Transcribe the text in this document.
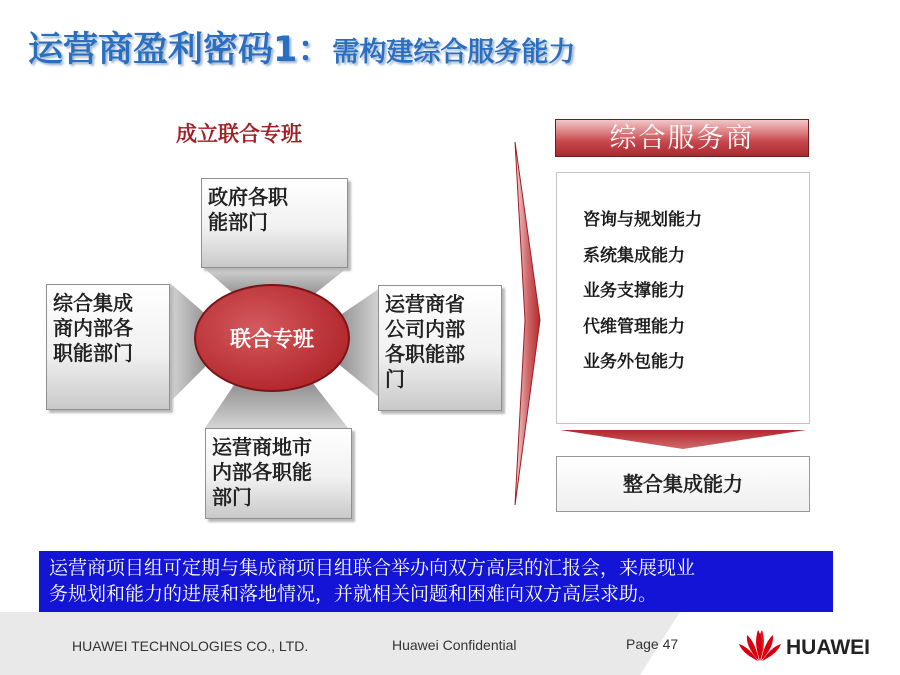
运营商盈利密码1：需构建综合服务能力
成立联合专班
政府各职
能部门
综合集成
商内部各
职能部门
运营商省
公司内部
各职能部
门
运营商地市
内部各职能
部门
联合专班
综合服务商
咨询与规划能力
系统集成能力
业务支撑能力
代维管理能力
业务外包能力
整合集成能力
运营商项目组可定期与集成商项目组联合举办向双方高层的汇报会，来展现业
务规划和能力的进展和落地情况，并就相关问题和困难向双方高层求助。
HUAWEI TECHNOLOGIES CO., LTD.	Huawei Confidential	Page 47	HUAWEI
